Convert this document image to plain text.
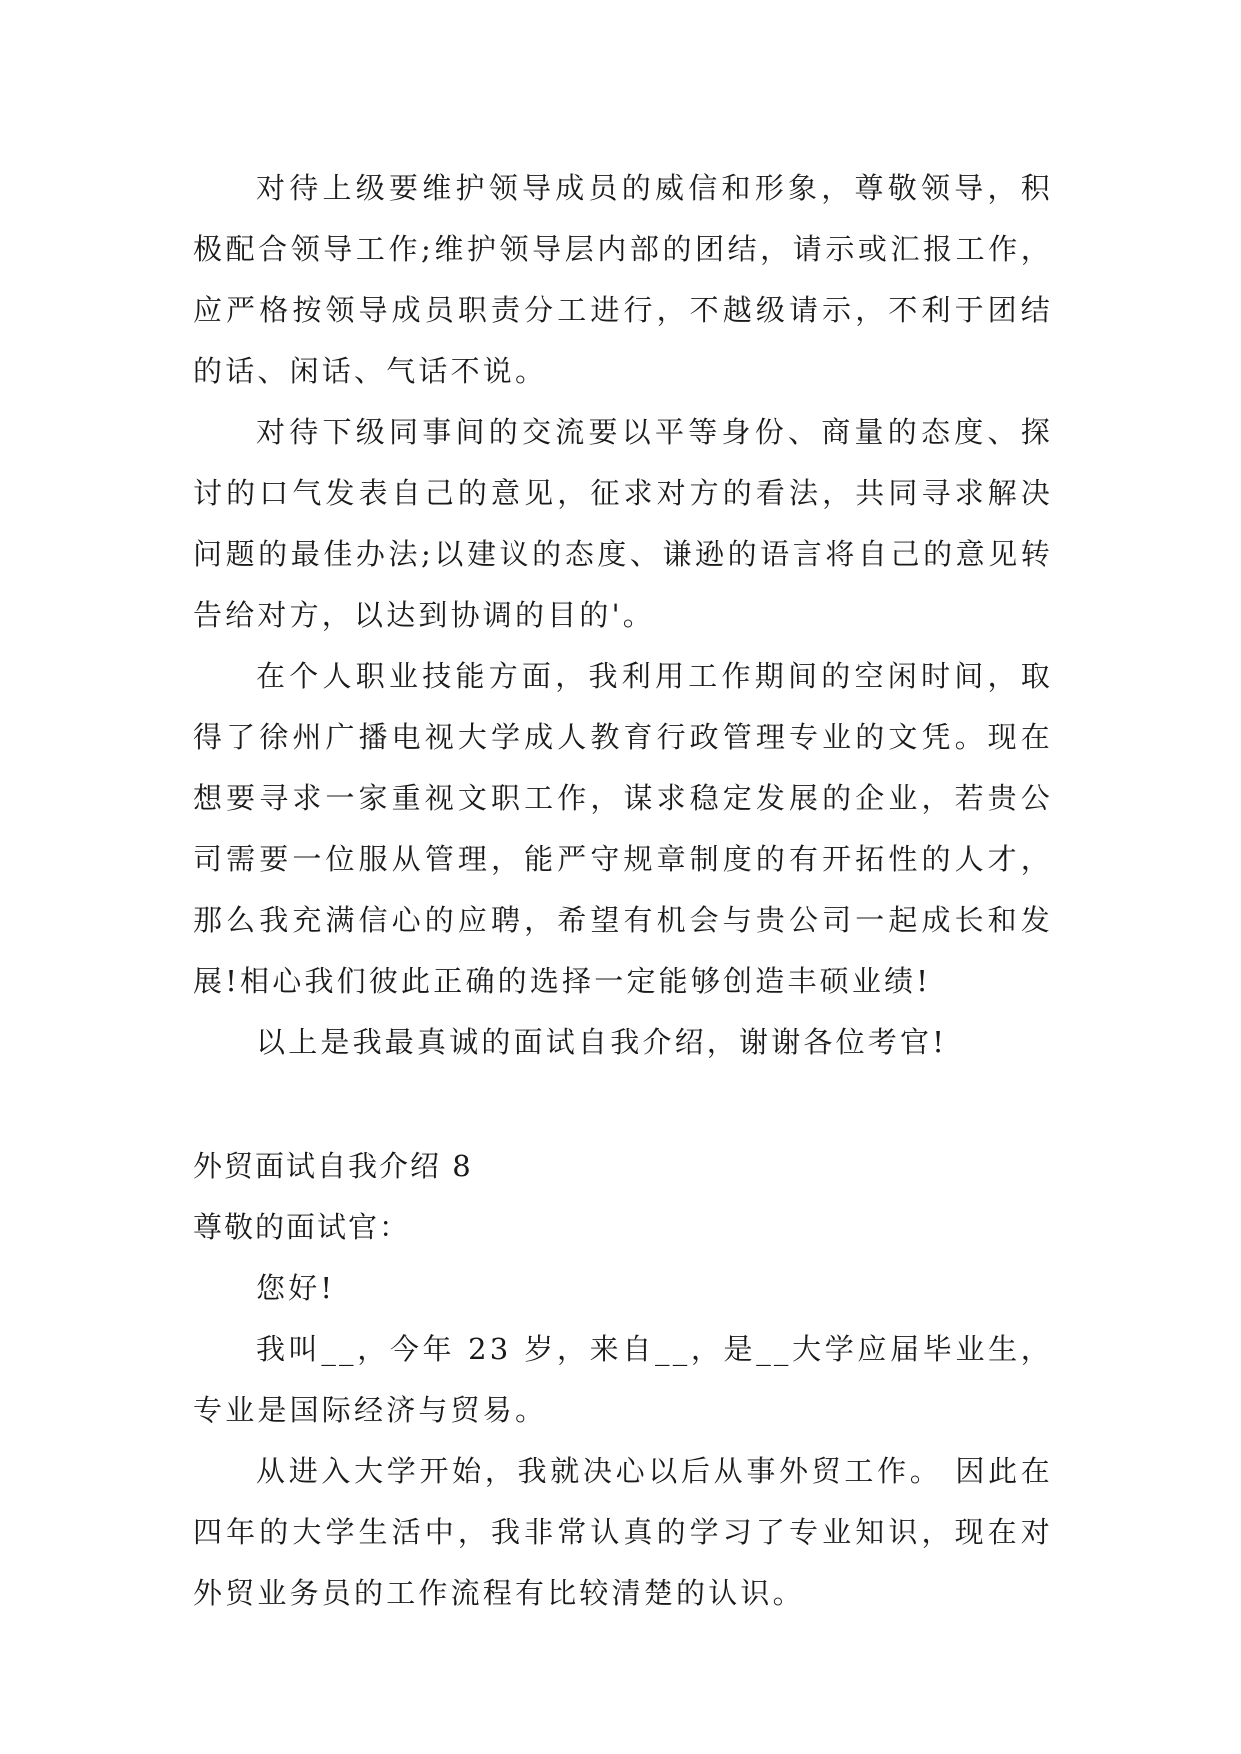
对待上级要维护领导成员的威信和形象，尊敬领导，积极配合领导工作;维护领导层内部的团结，请示或汇报工作，应严格按领导成员职责分工进行，不越级请示，不利于团结的话、闲话、气话不说。

对待下级同事间的交流要以平等身份、商量的态度、探讨的口气发表自己的意见，征求对方的看法，共同寻求解决问题的最佳办法;以建议的态度、谦逊的语言将自己的意见转告给对方，以达到协调的目的'。

在个人职业技能方面，我利用工作期间的空闲时间，取得了徐州广播电视大学成人教育行政管理专业的文凭。现在想要寻求一家重视文职工作，谋求稳定发展的企业，若贵公司需要一位服从管理，能严守规章制度的有开拓性的人才，那么我充满信心的应聘，希望有机会与贵公司一起成长和发展!相心我们彼此正确的选择一定能够创造丰硕业绩!

以上是我最真诚的面试自我介绍，谢谢各位考官!

外贸面试自我介绍 8

尊敬的面试官：

您好!

我叫__，今年 23 岁，来自__，是__大学应届毕业生，专业是国际经济与贸易。

从进入大学开始，我就决心以后从事外贸工作。 因此在四年的大学生活中，我非常认真的学习了专业知识，现在对外贸业务员的工作流程有比较清楚的认识。
